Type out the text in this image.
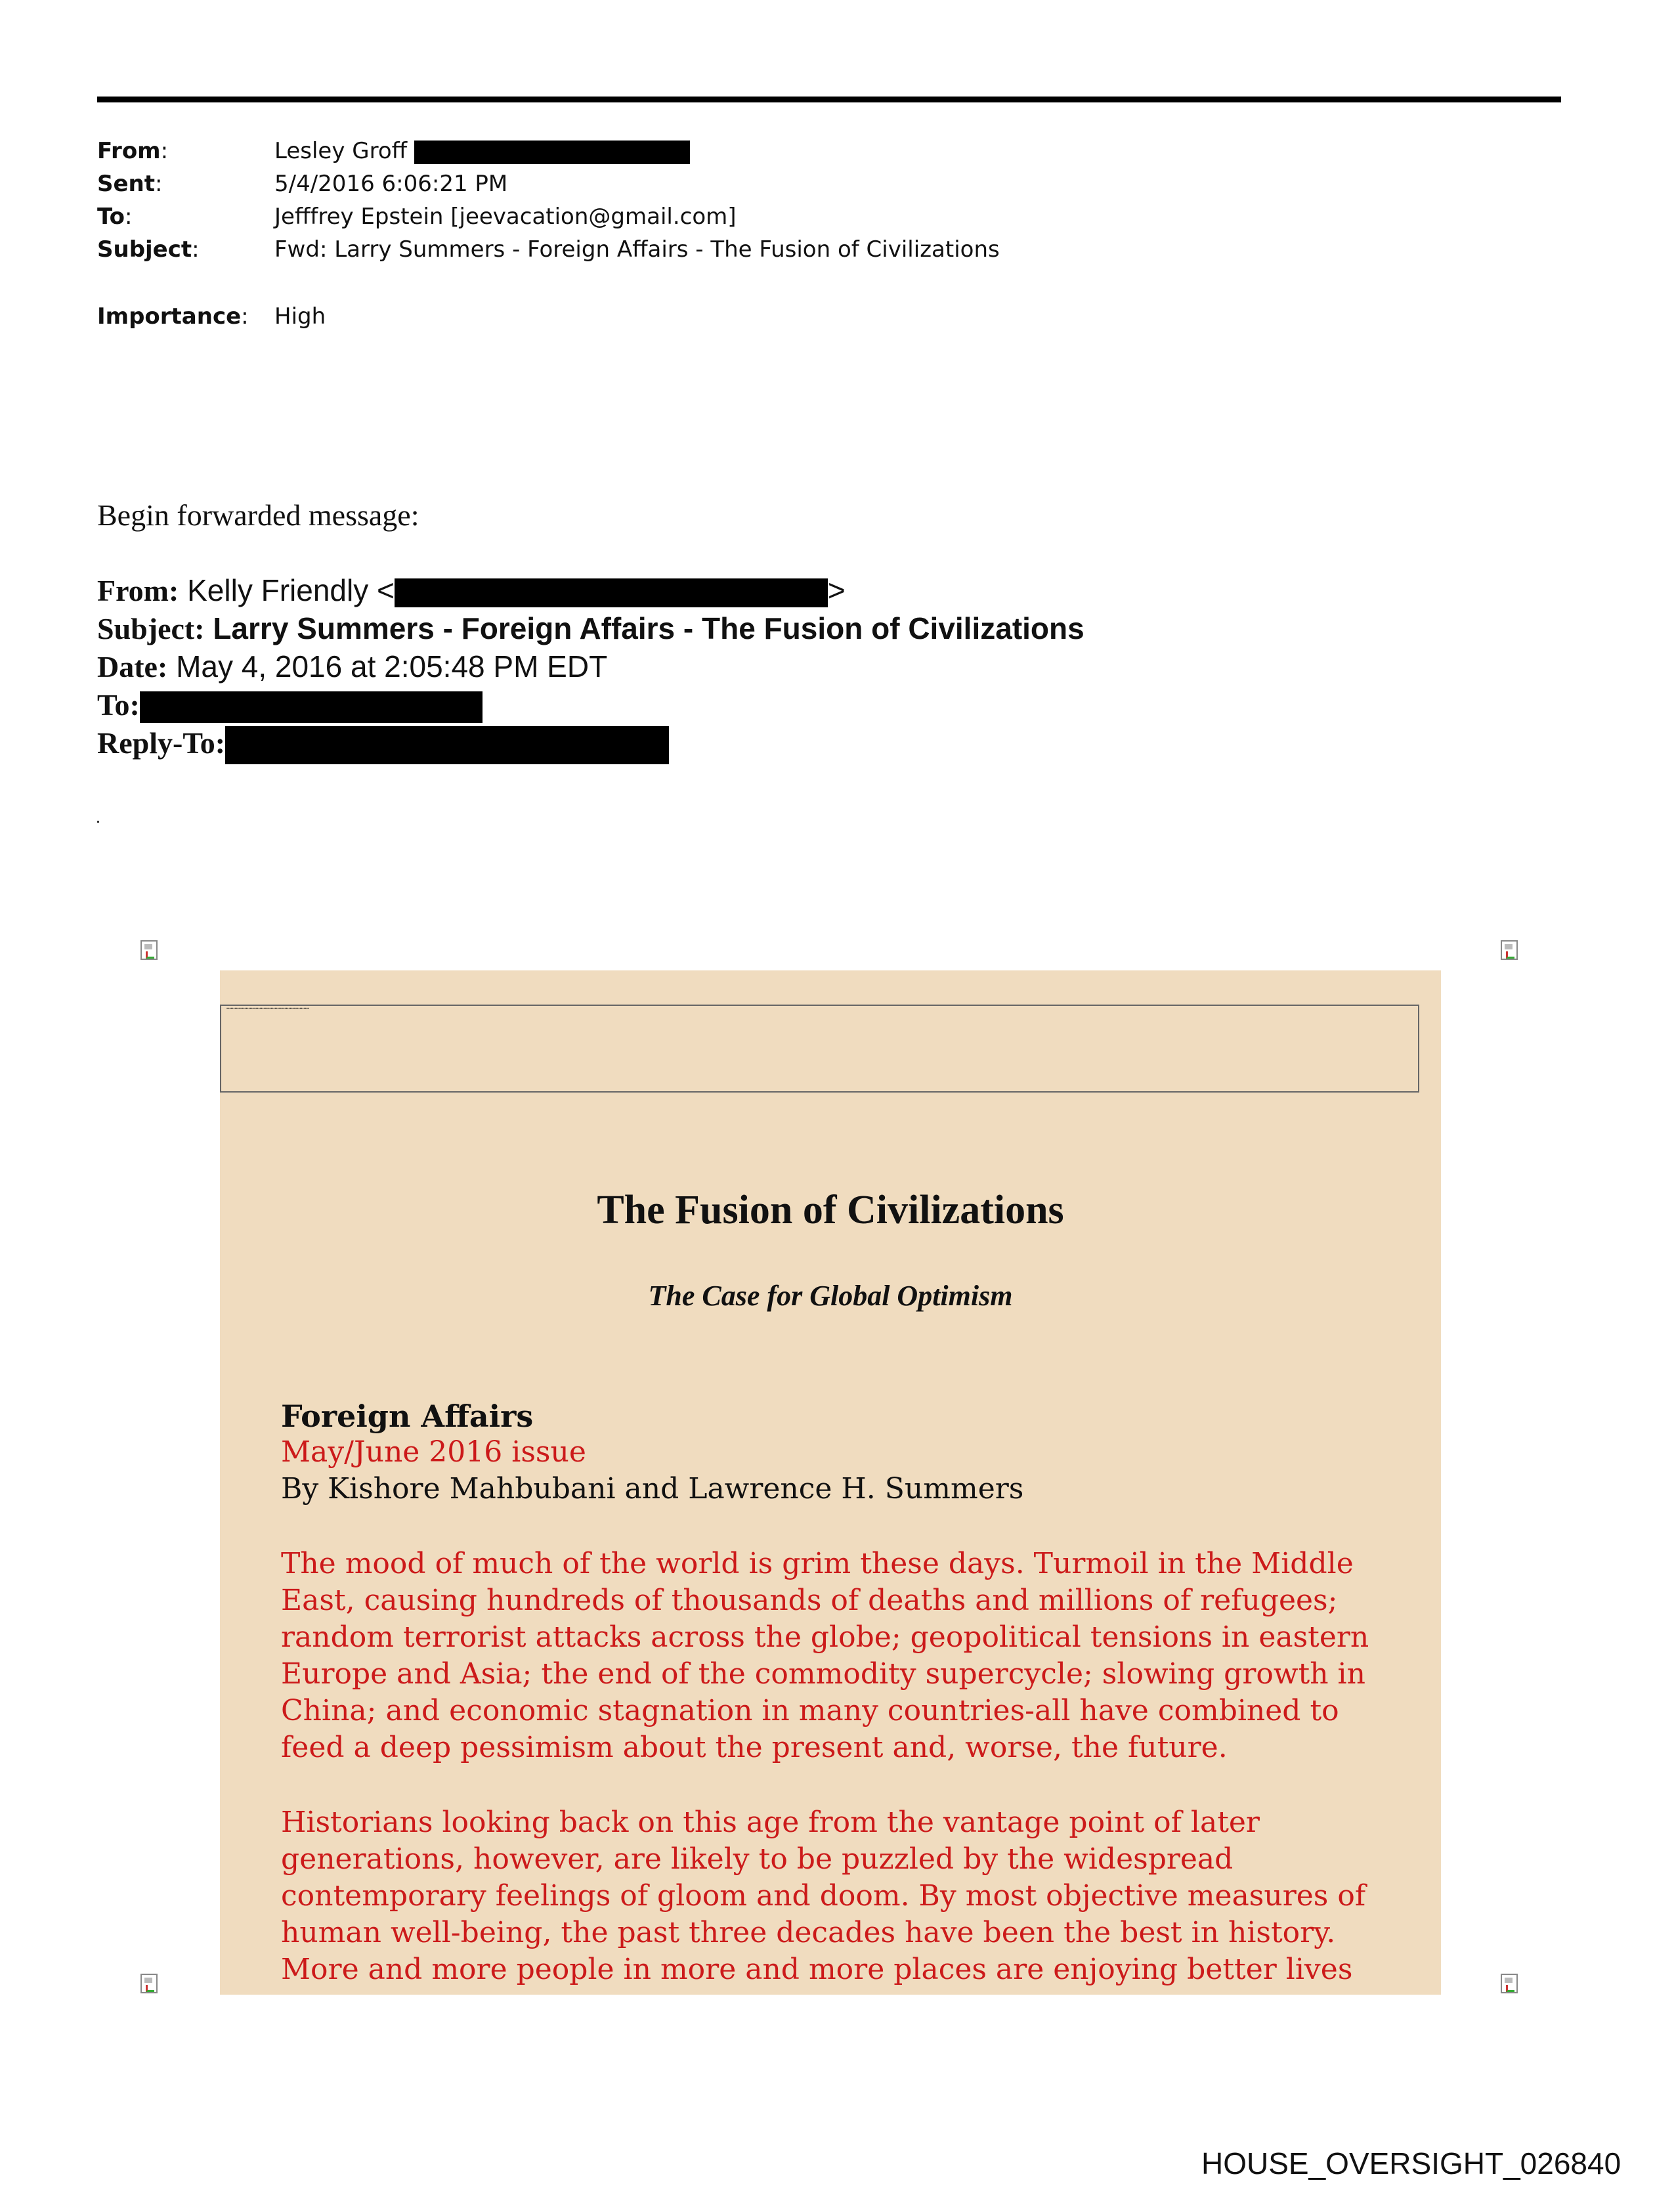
From:	Lesley Groff
Sent:	5/4/2016 6:06:21 PM
To:	Jefffrey Epstein [jeevacation@gmail.com]
Subject:	Fwd: Larry Summers - Foreign Affairs - The Fusion of Civilizations
Importance: High
Begin forwarded message:
From: Kelly Friendly <	>
Subject: Larry Summers - Foreign Affairs - The Fusion of Civilizations
Date: May 4, 2016 at 2:05:48 PM EDT
To:
Reply-To:
••••••••••••••••••••••••••••••••••••••••••••••••••••••••••••
The Fusion of Civilizations
The Case for Global Optimism
Foreign Affairs
May/June 2016 issue
By Kishore Mahbubani and Lawrence H. Summers
The mood of much of the world is grim these days. Turmoil in the Middle
East, causing hundreds of thousands of deaths and millions of refugees;
random terrorist attacks across the globe; geopolitical tensions in eastern
Europe and Asia; the end of the commodity supercycle; slowing growth in
China; and economic stagnation in many countries-all have combined to
feed a deep pessimism about the present and, worse, the future.
Historians looking back on this age from the vantage point of later
generations, however, are likely to be puzzled by the widespread
contemporary feelings of gloom and doom. By most objective measures of
human well-being, the past three decades have been the best in history.
More and more people in more and more places are enjoying better lives
HOUSE_OVERSIGHT_026840
